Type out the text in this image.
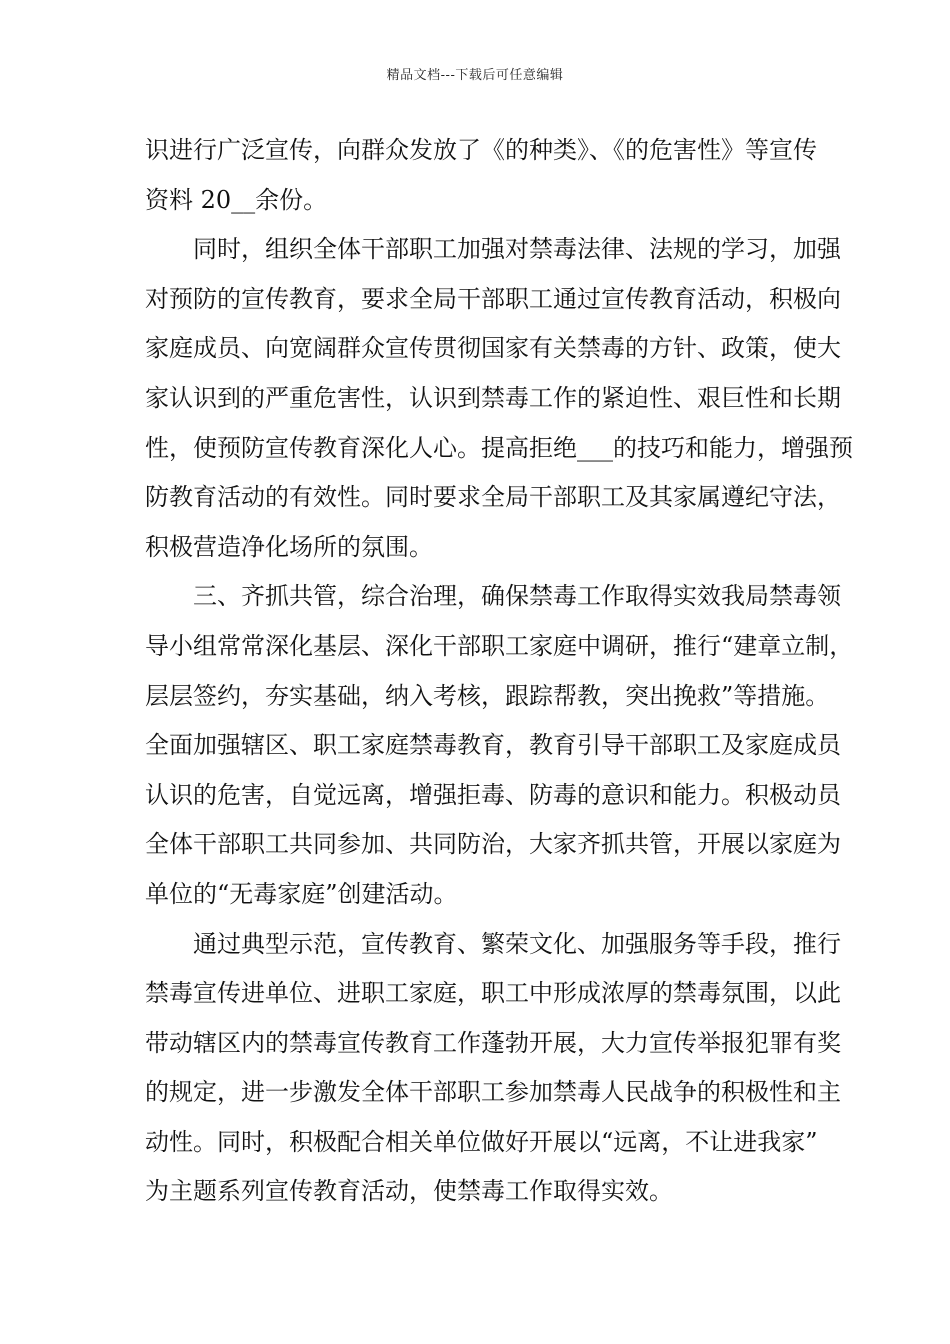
精品文档---下载后可任意编辑
识进行广泛宣传，向群众发放了《的种类》、《的危害性》等宣传
资料 20__余份。
同时，组织全体干部职工加强对禁毒法律、法规的学习，加强
对预防的宣传教育，要求全局干部职工通过宣传教育活动，积极向
家庭成员、向宽阔群众宣传贯彻国家有关禁毒的方针、政策，使大
家认识到的严重危害性，认识到禁毒工作的紧迫性、艰巨性和长期
性，使预防宣传教育深化人心。提高拒绝___的技巧和能力，增强预
防教育活动的有效性。同时要求全局干部职工及其家属遵纪守法，
积极营造净化场所的氛围。
三、齐抓共管，综合治理，确保禁毒工作取得实效我局禁毒领
导小组常常深化基层、深化干部职工家庭中调研，推行“建章立制，
层层签约，夯实基础，纳入考核，跟踪帮教，突出挽救”等措施。
全面加强辖区、职工家庭禁毒教育，教育引导干部职工及家庭成员
认识的危害，自觉远离，增强拒毒、防毒的意识和能力。积极动员
全体干部职工共同参加、共同防治，大家齐抓共管，开展以家庭为
单位的“无毒家庭”创建活动。
通过典型示范，宣传教育、繁荣文化、加强服务等手段，推行
禁毒宣传进单位、进职工家庭，职工中形成浓厚的禁毒氛围，以此
带动辖区内的禁毒宣传教育工作蓬勃开展，大力宣传举报犯罪有奖
的规定，进一步激发全体干部职工参加禁毒人民战争的积极性和主
动性。同时，积极配合相关单位做好开展以“远离，不让进我家”
为主题系列宣传教育活动，使禁毒工作取得实效。
